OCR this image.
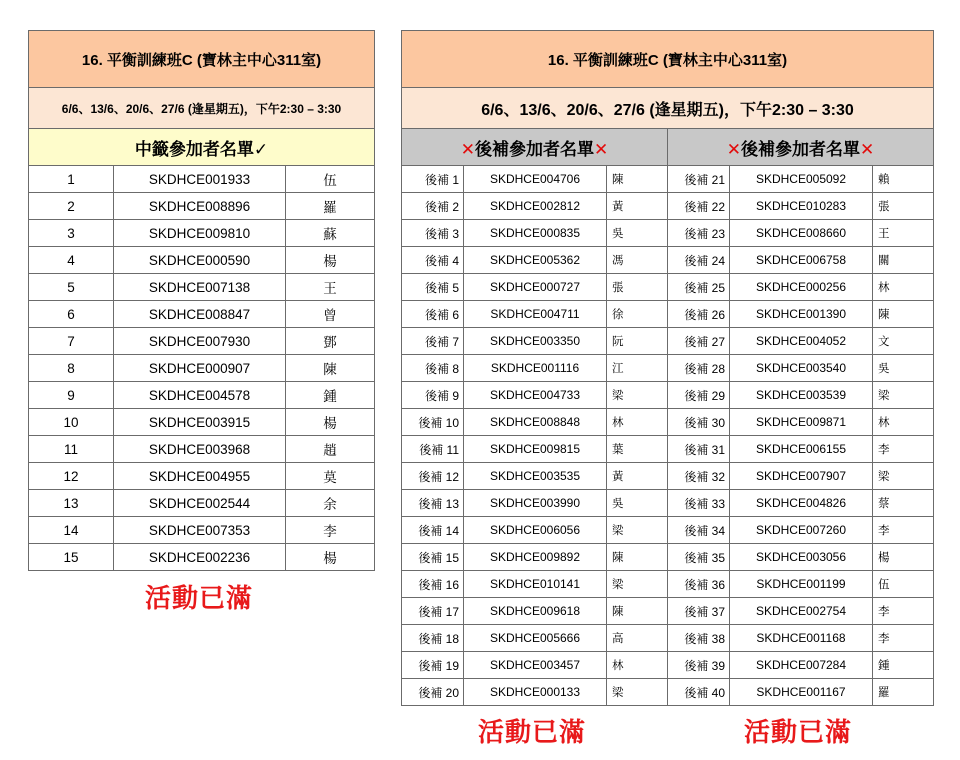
16. 平衡訓練班C (寶林主中心311室)		
6/6、13/6、20/6、27/6 (逢星期五)，下午2:30 – 3:30		
中籤參加者名單✓		
1	SKDHCE001933	伍
2	SKDHCE008896	羅
3	SKDHCE009810	蘇
4	SKDHCE000590	楊
5	SKDHCE007138	王
6	SKDHCE008847	曾
7	SKDHCE007930	鄧
8	SKDHCE000907	陳
9	SKDHCE004578	鍾
10	SKDHCE003915	楊
11	SKDHCE003968	趙
12	SKDHCE004955	莫
13	SKDHCE002544	余
14	SKDHCE007353	李
15	SKDHCE002236	楊
活動已滿
16. 平衡訓練班C (寶林主中心311室)					
6/6、13/6、20/6、27/6 (逢星期五)，下午2:30 – 3:30					
✕後補參加者名單✕			✕後補參加者名單✕		
後補 1	SKDHCE004706	陳	後補 21	SKDHCE005092	賴
後補 2	SKDHCE002812	黃	後補 22	SKDHCE010283	張
後補 3	SKDHCE000835	吳	後補 23	SKDHCE008660	王
後補 4	SKDHCE005362	馮	後補 24	SKDHCE006758	關
後補 5	SKDHCE000727	張	後補 25	SKDHCE000256	林
後補 6	SKDHCE004711	徐	後補 26	SKDHCE001390	陳
後補 7	SKDHCE003350	阮	後補 27	SKDHCE004052	文
後補 8	SKDHCE001116	江	後補 28	SKDHCE003540	吳
後補 9	SKDHCE004733	梁	後補 29	SKDHCE003539	梁
後補 10	SKDHCE008848	林	後補 30	SKDHCE009871	林
後補 11	SKDHCE009815	葉	後補 31	SKDHCE006155	李
後補 12	SKDHCE003535	黃	後補 32	SKDHCE007907	梁
後補 13	SKDHCE003990	吳	後補 33	SKDHCE004826	蔡
後補 14	SKDHCE006056	梁	後補 34	SKDHCE007260	李
後補 15	SKDHCE009892	陳	後補 35	SKDHCE003056	楊
後補 16	SKDHCE010141	梁	後補 36	SKDHCE001199	伍
後補 17	SKDHCE009618	陳	後補 37	SKDHCE002754	李
後補 18	SKDHCE005666	高	後補 38	SKDHCE001168	李
後補 19	SKDHCE003457	林	後補 39	SKDHCE007284	鍾
後補 20	SKDHCE000133	梁	後補 40	SKDHCE001167	羅
活動已滿	活動已滿
